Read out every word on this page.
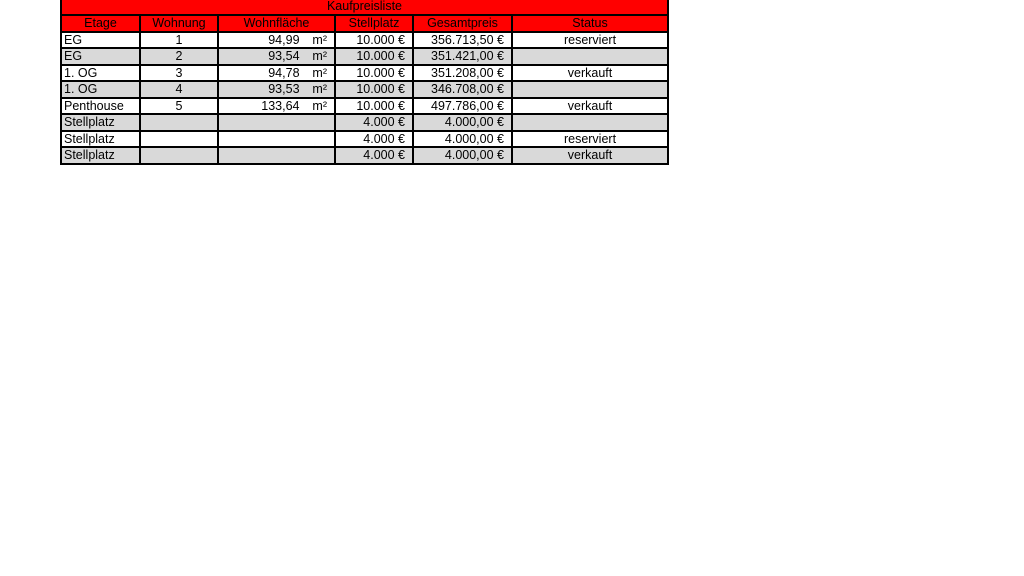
Kaufpreisliste					
Etage	Wohnung	Wohnfläche	Stellplatz	Gesamtpreis	Status
EG	1	94,99 m²	10.000 €	356.713,50 €	reserviert
EG	2	93,54 m²	10.000 €	351.421,00 €	
1. OG	3	94,78 m²	10.000 €	351.208,00 €	verkauft
1. OG	4	93,53 m²	10.000 €	346.708,00 €	
Penthouse	5	133,64 m²	10.000 €	497.786,00 €	verkauft
Stellplatz			4.000 €	4.000,00 €	
Stellplatz			4.000 €	4.000,00 €	reserviert
Stellplatz			4.000 €	4.000,00 €	verkauft
